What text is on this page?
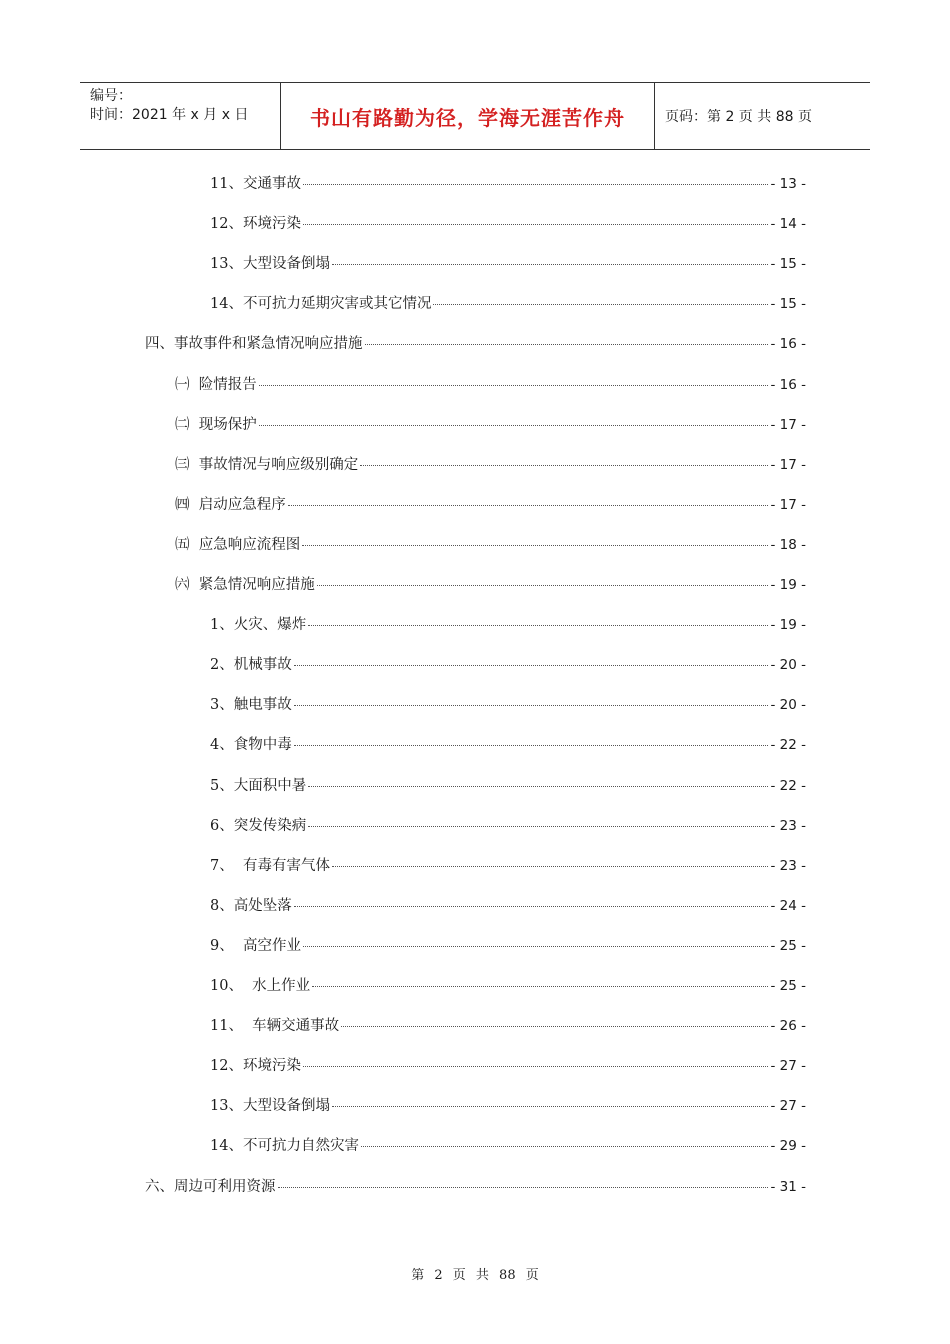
编号：
时间：2021 年 x 月 x 日	书山有路勤为径，学海无涯苦作舟	页码：第 2 页 共 88 页
11、交通事故	- 13 -
12、环境污染	- 14 -
13、大型设备倒塌	- 15 -
14、不可抗力延期灾害或其它情况	- 15 -
四、事故事件和紧急情况响应措施	- 16 -
㈠  险情报告	- 16 -
㈡  现场保护	- 17 -
㈢  事故情况与响应级别确定	- 17 -
㈣  启动应急程序	- 17 -
㈤  应急响应流程图	- 18 -
㈥  紧急情况响应措施	- 19 -
1、火灾、爆炸	- 19 -
2、机械事故	- 20 -
3、触电事故	- 20 -
4、食物中毒	- 22 -
5、大面积中暑	- 22 -
6、突发传染病	- 23 -
7、  有毒有害气体	- 23 -
8、高处坠落	- 24 -
9、  高空作业	- 25 -
10、  水上作业	- 25 -
11、  车辆交通事故	- 26 -
12、环境污染	- 27 -
13、大型设备倒塌	- 27 -
14、不可抗力自然灾害	- 29 -
六、周边可利用资源	- 31 -
第 2 页 共 88 页
